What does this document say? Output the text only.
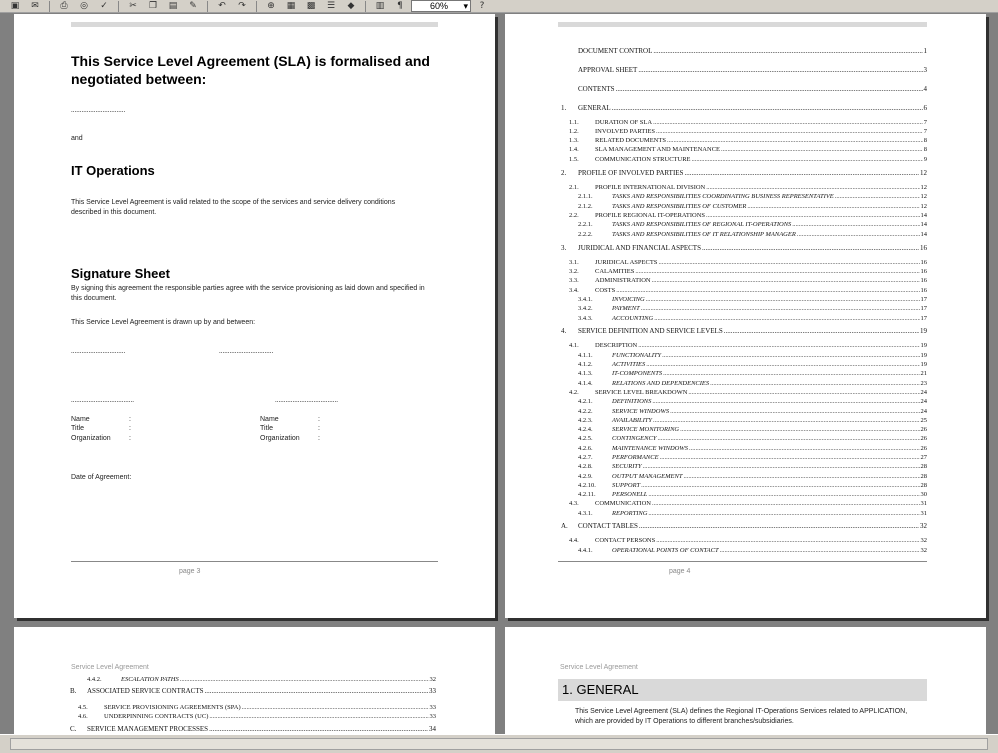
▣	✉	⎙	◎	✓	✂	❐	▤	✎	↶	↷	⊕	▦	▩	☰	◆	▥	¶	60% ▾	?
This Service Level Agreement (SLA) is formalised and negotiated between:
...............................
and
IT Operations
This Service Level Agreement is valid related to the scope of the services and service delivery conditions described in this document.
Signature Sheet
By signing this agreement the responsible parties agree with the service provisioning as laid down and specified in this document.
This Service Level Agreement is drawn up by and between:
...............................	...............................
....................................	....................................
Name	:
Title	:
Organization	:
Name	:
Title	:
Organization	:
Date of Agreement:
page 3
DOCUMENT CONTROL .....	1
APPROVAL SHEET .....	3
CONTENTS .....	4
1.	GENERAL .....	6
1.1.	DURATION OF SLA .....	7
1.2.	INVOLVED PARTIES .....	7
1.3.	RELATED DOCUMENTS .....	8
1.4.	SLA MANAGEMENT AND MAINTENANCE .....	8
1.5.	COMMUNICATION STRUCTURE .....	9
2.	PROFILE OF INVOLVED PARTIES .....	12
2.1.	PROFILE INTERNATIONAL DIVISION .....	12
2.1.1.	TASKS AND RESPONSIBILITIES COORDINATING BUSINESS REPRESENTATIVE .....	12
2.1.2.	TASKS AND RESPONSIBILITIES OF CUSTOMER .....	12
2.2.	PROFILE REGIONAL IT-OPERATIONS .....	14
2.2.1.	TASKS AND RESPONSIBILITIES OF REGIONAL IT-OPERATIONS .....	14
2.2.2.	TASKS AND RESPONSIBILITIES OF IT RELATIONSHIP MANAGER .....	14
3.	JURIDICAL AND FINANCIAL ASPECTS .....	16
3.1.	JURIDICAL ASPECTS .....	16
3.2.	CALAMITIES .....	16
3.3.	ADMINISTRATION .....	16
3.4.	COSTS .....	16
3.4.1.	INVOICING .....	17
3.4.2.	PAYMENT .....	17
3.4.3.	ACCOUNTING .....	17
4.	SERVICE DEFINITION AND SERVICE LEVELS .....	19
4.1.	DESCRIPTION .....	19
4.1.1.	FUNCTIONALITY .....	19
4.1.2.	ACTIVITIES .....	19
4.1.3.	IT-COMPONENTS .....	21
4.1.4.	RELATIONS AND DEPENDENCIES .....	23
4.2.	SERVICE LEVEL BREAKDOWN .....	24
4.2.1.	DEFINITIONS .....	24
4.2.2.	SERVICE WINDOWS .....	24
4.2.3.	AVAILABILITY .....	25
4.2.4.	SERVICE MONITORING .....	26
4.2.5.	CONTINGENCY .....	26
4.2.6.	MAINTENANCE WINDOWS .....	26
4.2.7.	PERFORMANCE .....	27
4.2.8.	SECURITY .....	28
4.2.9.	OUTPUT MANAGEMENT .....	28
4.2.10.	SUPPORT .....	28
4.2.11.	PERSONELL .....	30
4.3.	COMMUNICATION .....	31
4.3.1.	REPORTING .....	31
A.	CONTACT TABLES .....	32
4.4.	CONTACT PERSONS .....	32
4.4.1.	OPERATIONAL POINTS OF CONTACT .....	32
page 4
Service Level Agreement
4.4.2.	ESCALATION PATHS .....	32
B.	ASSOCIATED SERVICE CONTRACTS .....	33
4.5.	SERVICE PROVISIONING AGREEMENTS (SPA) .....	33
4.6.	UNDERPINNING CONTRACTS (UC) .....	33
C.	SERVICE MANAGEMENT PROCESSES .....	34
Service Level Agreement
1. GENERAL
This Service Level Agreement (SLA) defines the Regional IT-Operations Services related to APPLICATION, which are provided by IT Operations to different branches/subsidiaries.
